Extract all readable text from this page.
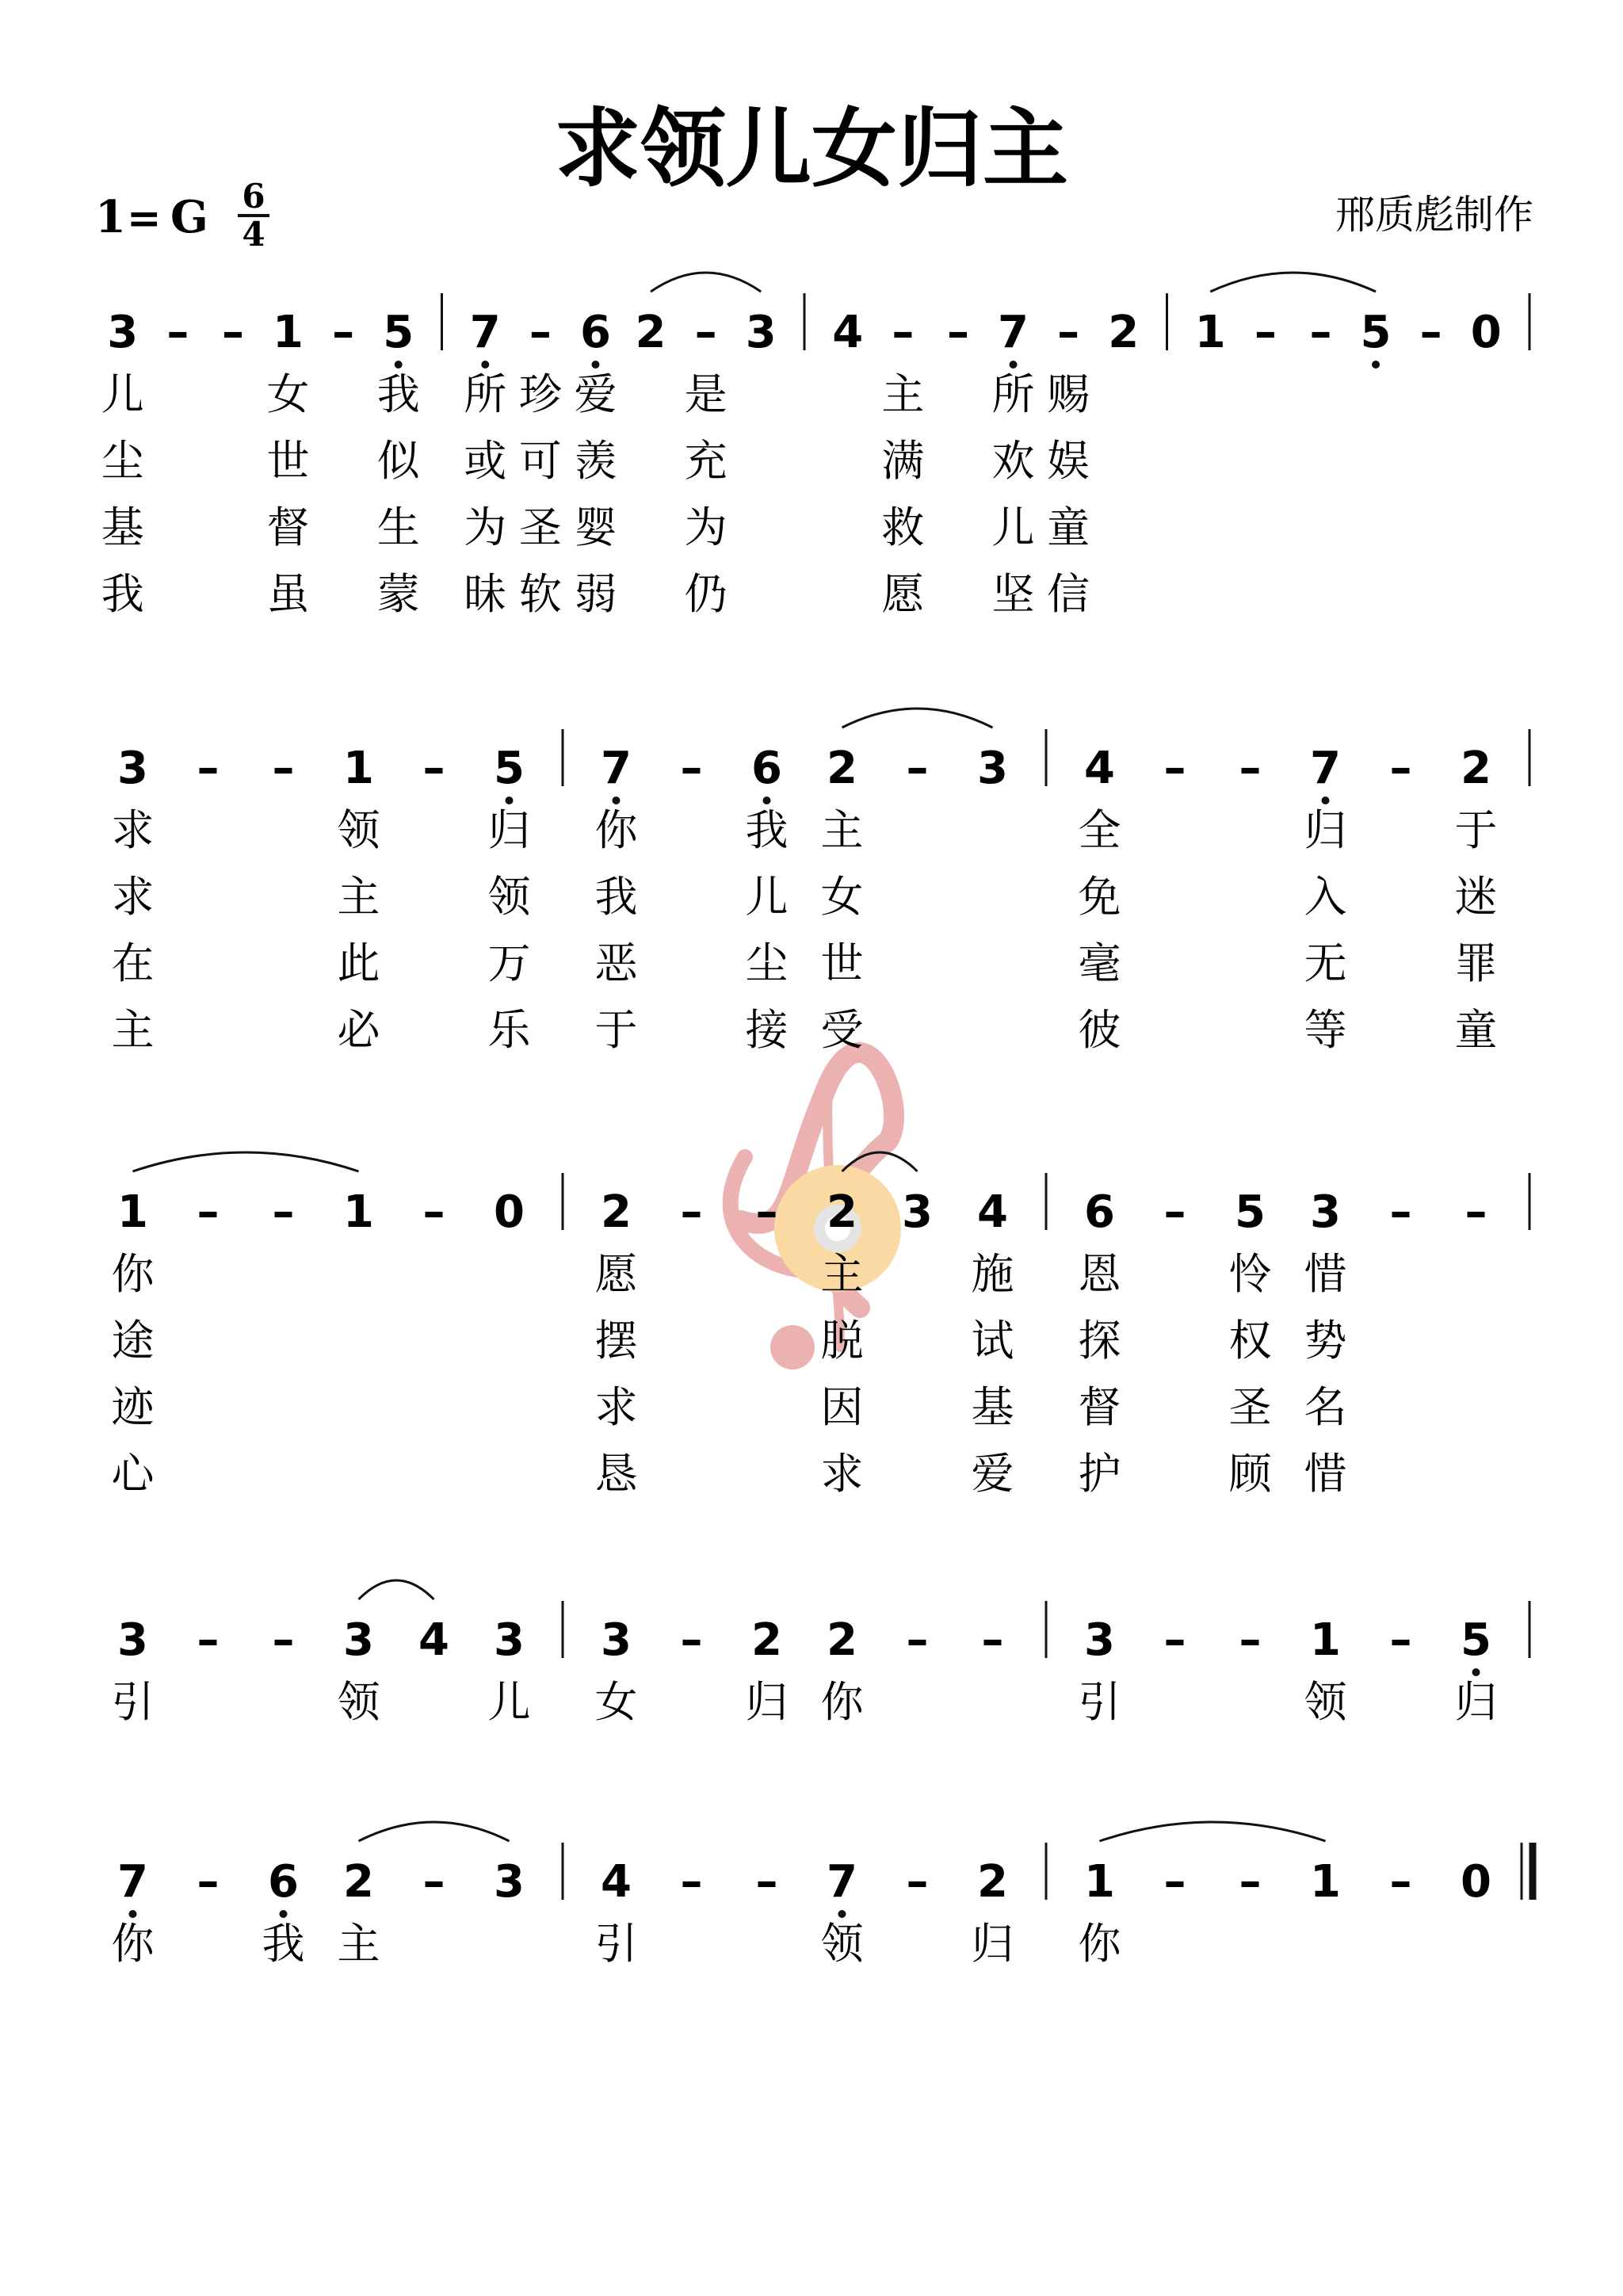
求领儿女归主
1 = G 6
4	邢质彪制作
3 – – 1 – 5 7 – 6 2 – 3 4 – – 7 – 2 1 – – 5 – 0
儿	女 我 所 珍 爱 是	主 所 赐
尘	世 似 或 可 羡 充	满 欢 娱
基	督 生 为 圣 婴 为	救 儿 童
我	虽 蒙 昧 软 弱 仍	愿 坚 信
3 – – 1 – 5 7 – 6 2 – 3 4 – – 7 – 2
求	领	归 你	我 主	全	归	于
求	主	领 我	儿 女	免	入	迷
在	此	万 恶	尘 世	毫	无	罪
主	必	乐 于	接 受	彼	等	童
1 – – 1 – 0 2 – – 2 3 4 6 – 5 3 – –
你	愿	主	施 恩	怜 惜
途	摆	脱	试 探	权 势
迹	求	因	基 督	圣 名
心	恳	求	爱 护	顾 惜
3 – – 3 4 3 3 – 2 2 – – 3 – – 1 – 5
引	领	儿 女	归 你	引	领	归
7 – 6 2 – 3 4 – – 7 – 2 1 – – 1 – 0
你	我 主	引	领	归 你
